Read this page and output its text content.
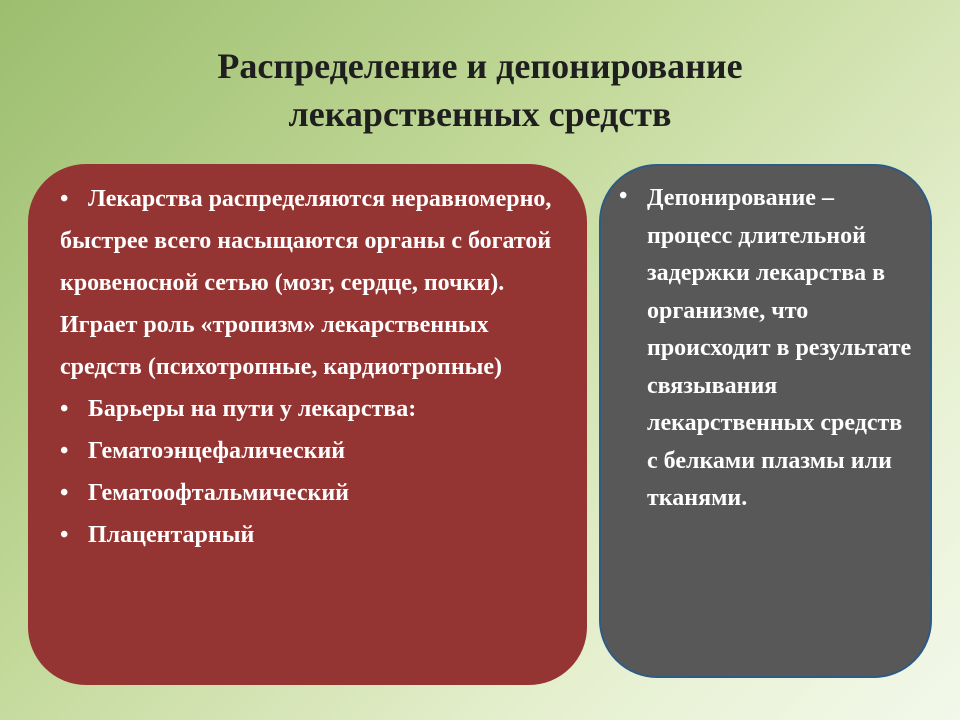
Распределение и депонирование
лекарственных средств
• Лекарства распределяются неравномерно, быстрее всего насыщаются органы с богатой кровеносной сетью (мозг, сердце, почки). Играет роль «тропизм» лекарственных средств (психотропные, кардиотропные)
• Барьеры на пути у лекарства:
• Гематоэнцефалический
• Гематоофтальмический
• Плацентарный
• Депонирование – процесс длительной задержки лекарства в организме, что происходит в результате связывания лекарственных средств с белками плазмы или тканями.
